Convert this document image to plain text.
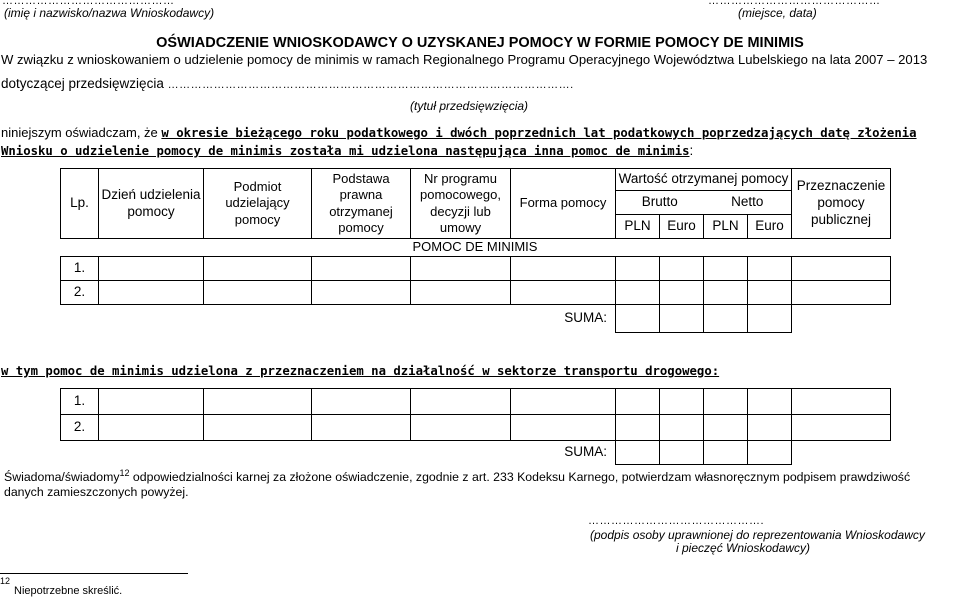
………………………………………
(imię i nazwisko/nazwa Wnioskodawcy)
………………………………………
(miejsce, data)
OŚWIADCZENIE WNIOSKODAWCY O UZYSKANEJ POMOCY W FORMIE POMOCY DE MINIMIS
W związku z wnioskowaniem o udzielenie pomocy de minimis w ramach Regionalnego Programu Operacyjnego Województwa Lubelskiego na lata 2007 – 2013
dotyczącej przedsięwzięcia …………………………………………………………………………………………….
(tytuł przedsięwzięcia)
niniejszym oświadczam, że w okresie bieżącego roku podatkowego i dwóch poprzednich lat podatkowych poprzedzających datę złożenia
Wniosku o udzielenie pomocy de minimis została mi udzielona następująca inna pomoc de minimis:
Lp.	Dzień udzielenia pomocy	Podmiot udzielający pomocy	Podstawa prawna otrzymanej pomocy	Nr programu pomocowego, decyzji lub umowy	Forma pomocy	Wartość otrzymanej pomocy				Przeznaczenie pomocy publicznej
						Brutto		Netto		
						PLN	Euro	PLN	Euro	
				POMOC DE MINIMIS						
1.										
2.										
					SUMA:					
w tym pomoc de minimis udzielona z przeznaczeniem na działalność w sektorze transportu drogowego:
1.										
2.										
					SUMA:					
Świadoma/świadomy$^{12}$ odpowiedzialności karnej za złożone oświadczenie, zgodnie z art. 233 Kodeksu Karnego, potwierdzam własnoręcznym podpisem prawdziwość
danych zamieszczonych powyżej.
……………………………………….
(podpis osoby uprawnionej do reprezentowania Wnioskodawcy
i pieczęć Wnioskodawcy)
12
Niepotrzebne skreślić.
